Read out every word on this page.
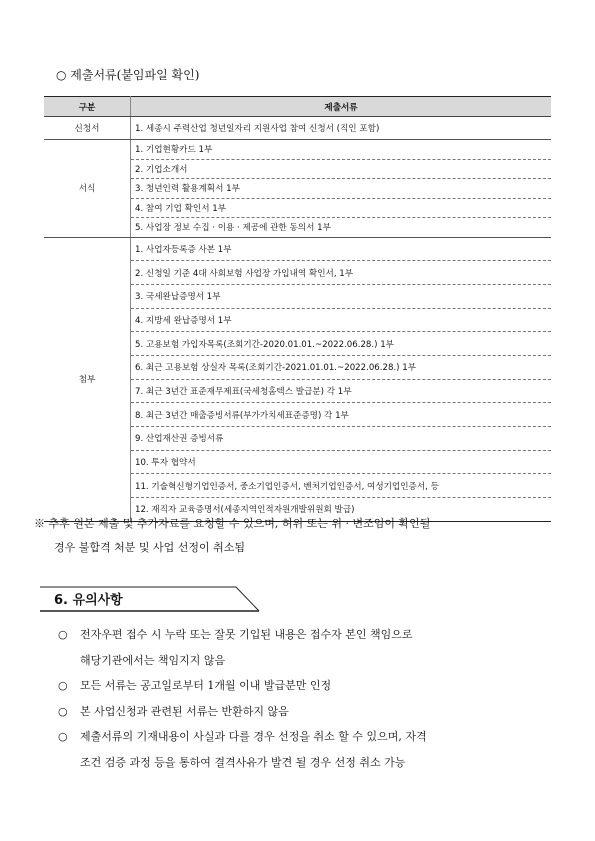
○ 제출서류(붙임파일 확인)
구분	제출서류
신청서	1. 세종시 주력산업 청년일자리 지원사업 참여 신청서 (직인 포함)
서식	1. 기업현황카드 1부
	2. 기업소개서
	3. 청년인력 활용계획서 1부
	4. 참여 기업 확인서 1부
	5. 사업장 정보 수집 · 이용 · 제공에 관한 동의서 1부
첨부	1. 사업자등록증 사본 1부
	2. 신청일 기준 4대 사회보험 사업장 가입내역 확인서, 1부
	3. 국세완납증명서 1부
	4. 지방세 완납증명서 1부
	5. 고용보험 가입자목록(조회기간-2020.01.01.~2022.06.28.) 1부
	6. 최근 고용보험 상실자 목록(조회기간-2021.01.01.~2022.06.28.) 1부
	7. 최근 3년간 표준재무제표(국세청홈텍스 발급분) 각 1부
	8. 최근 3년간 매출증빙서류(부가가치세표준증명) 각 1부
	9. 산업재산권 증빙서류
	10. 투자 협약서
	11. 기술혁신형기업인증서, 중소기업인증서, 벤처기업인증서, 여성기업인증서, 등
	12. 재직자 교육증명서(세종지역인적자원개발위원회 발급)
※ 추후 원본 제출 및 추가자료를 요청할 수 있으며, 허위 또는 위 · 변조임이 확인될
경우 불합격 처분 및 사업 선정이 취소됨
6. 유의사항
○	전자우편 접수 시 누락 또는 잘못 기입된 내용은 접수자 본인 책임으로
해당기관에서는 책임지지 않음
○	모든 서류는 공고일로부터 1개월 이내 발급분만 인정
○	본 사업신청과 관련된 서류는 반환하지 않음
○	제출서류의 기재내용이 사실과 다를 경우 선정을 취소 할 수 있으며, 자격
조건 검증 과정 등을 통하여 결격사유가 발견 될 경우 선정 취소 가능
